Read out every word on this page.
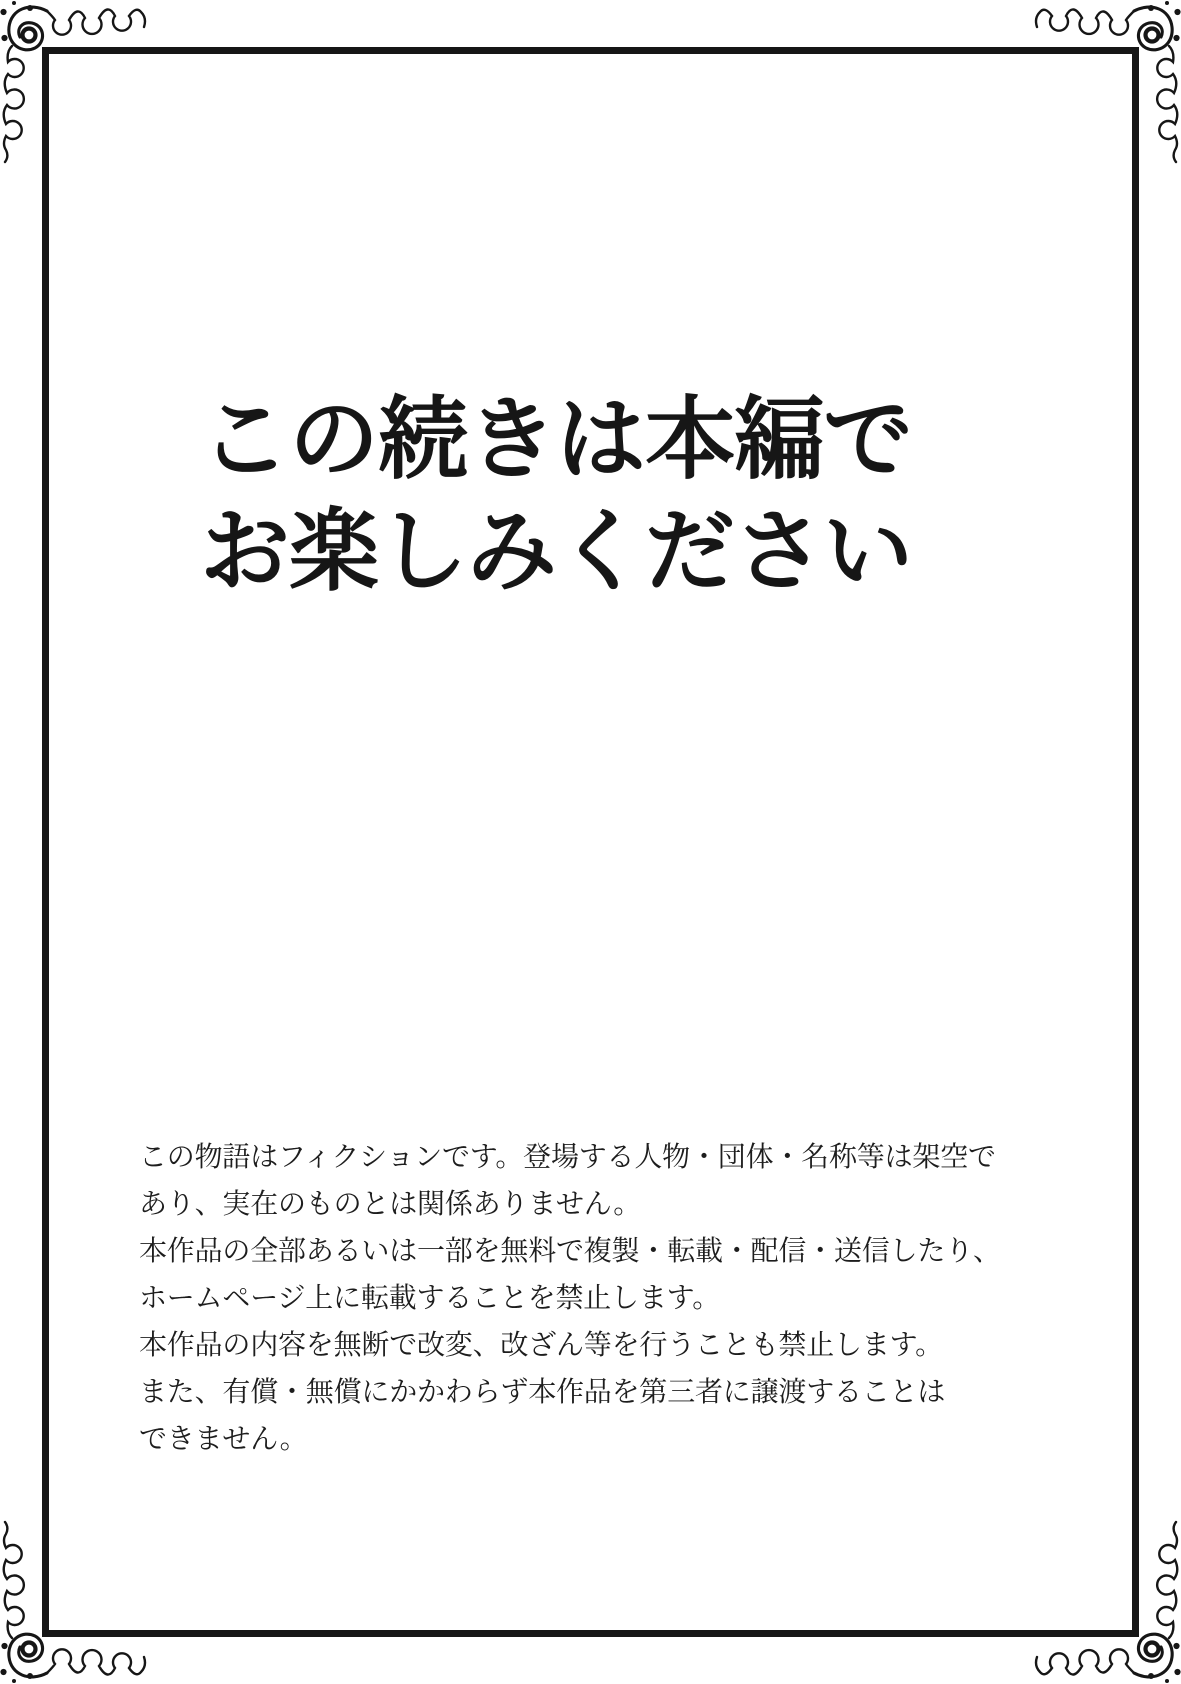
この続きは本編で
お楽しみください
この物語はフィクションです。登場する人物・団体・名称等は架空で
あり、実在のものとは関係ありません。
本作品の全部あるいは一部を無料で複製・転載・配信・送信したり、
ホームページ上に転載することを禁止します。
本作品の内容を無断で改変、改ざん等を行うことも禁止します。
また、有償・無償にかかわらず本作品を第三者に譲渡することは
できません。
